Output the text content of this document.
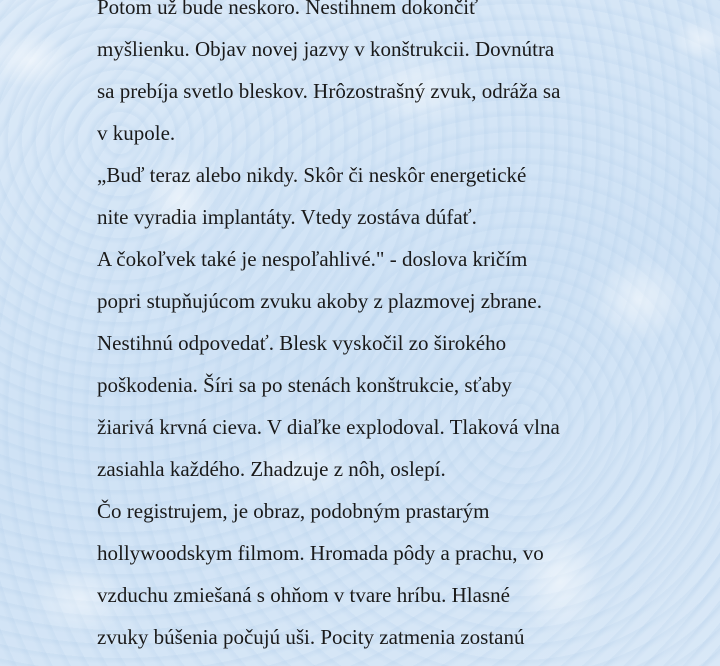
Potom už bude neskoro. Nestihnem dokončiť
myšlienku. Objav novej jazvy v konštrukcii. Dovnútra
sa prebíja svetlo bleskov. Hrôzostrašný zvuk, odráža sa
v kupole.
„Buď teraz alebo nikdy. Skôr či neskôr energetické
nite vyradia implantáty. Vtedy zostáva dúfať.
A čokoľvek také je nespoľahlivé." - doslova kričím
popri stupňujúcom zvuku akoby z plazmovej zbrane.
Nestihnú odpovedať. Blesk vyskočil zo širokého
poškodenia. Šíri sa po stenách konštrukcie, sťaby
žiarivá krvná cieva. V diaľke explodoval. Tlaková vlna
zasiahla každého. Zhadzuje z nôh, oslepí.
Čo registrujem, je obraz, podobným prastarým
hollywoodskym filmom. Hromada pôdy a prachu, vo
vzduchu zmiešaná s ohňom v tvare hríbu. Hlasné
zvuky búšenia počujú uši. Pocity zatmenia zostanú
